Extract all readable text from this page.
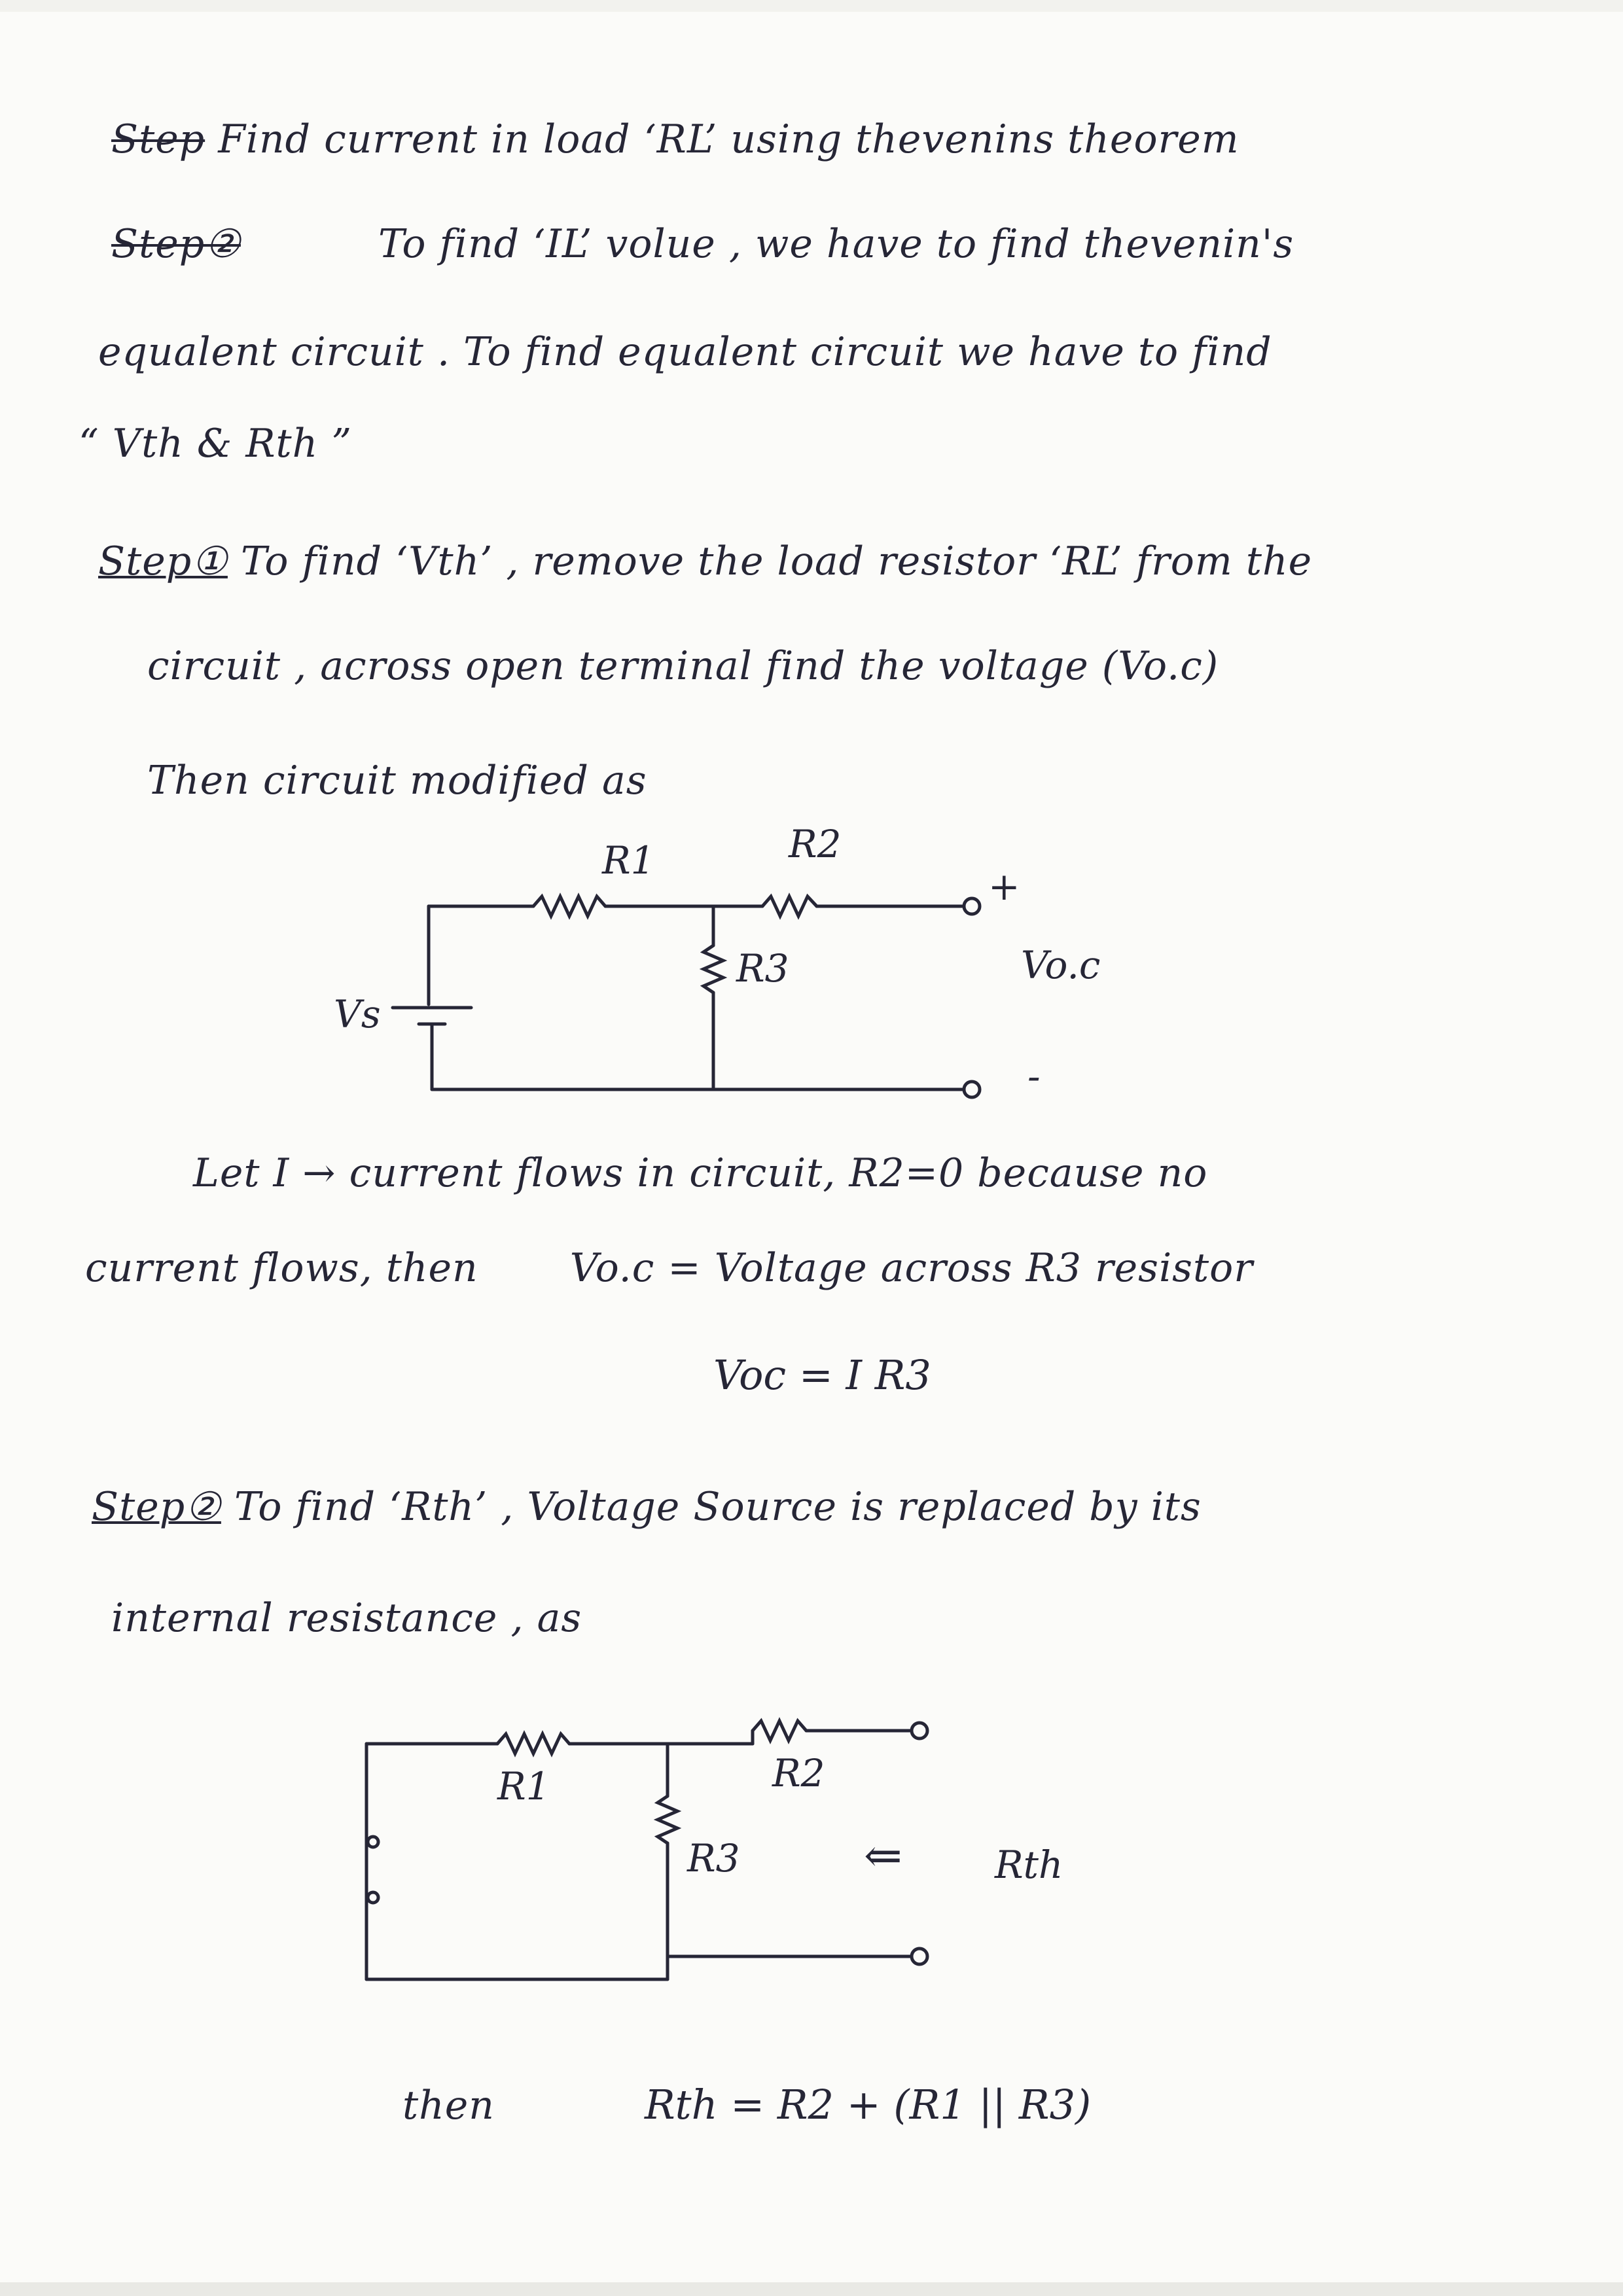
Step Find current in load ‘RL’ using thevenins theorem
Step②	To find ‘IL’ volue , we have to find thevenin's
equalent circuit . To find equalent circuit we have to find
“ Vth & Rth ”
Step① To find ‘Vth’ , remove the load resistor ‘RL’ from the
circuit , across open terminal find the voltage (Vo.c)
Then circuit modified as
R1	R2
R3
Vs
Vo.c
+
-
Let I → current flows in circuit, R2=0 because no
current flows, then Vo.c = Voltage across R3 resistor
Voc = I R3
Step② To find ‘Rth’ , Voltage Source is replaced by its
internal resistance , as
R1	R2
R3	⇐ Rth
then	Rth = R2 + (R1 || R3)
